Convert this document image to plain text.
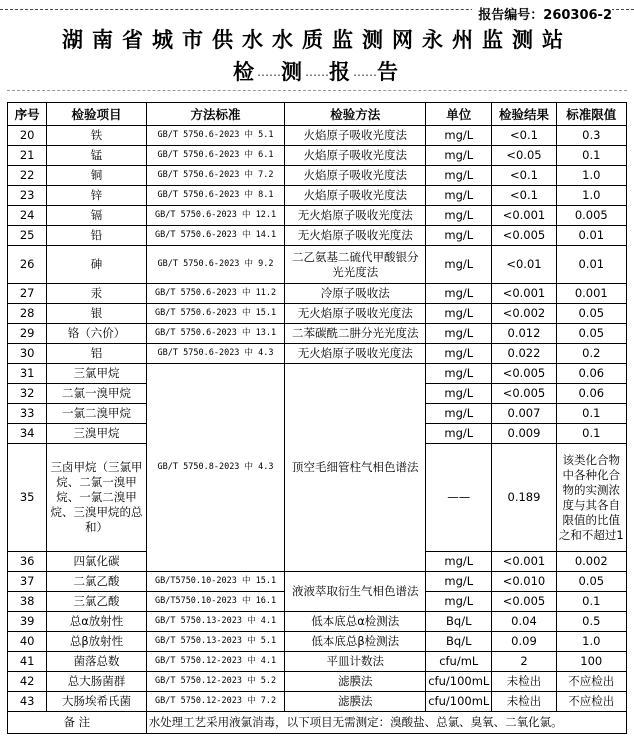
报告编号：260306-2
湖南省城市供水水质监测网永州监测站
检⋯⋯测⋯⋯报⋯⋯告
序号	检验项目	方法标准	检验方法	单位	检验结果	标准限值
20	铁	GB/T 5750.6-2023 中 5.1	火焰原子吸收光度法	mg/L	<0.1	0.3
21	锰	GB/T 5750.6-2023 中 6.1	火焰原子吸收光度法	mg/L	<0.05	0.1
22	铜	GB/T 5750.6-2023 中 7.2	火焰原子吸收光度法	mg/L	<0.1	1.0
23	锌	GB/T 5750.6-2023 中 8.1	火焰原子吸收光度法	mg/L	<0.1	1.0
24	镉	GB/T 5750.6-2023 中 12.1	无火焰原子吸收光度法	mg/L	<0.001	0.005
25	铅	GB/T 5750.6-2023 中 14.1	无火焰原子吸收光度法	mg/L	<0.005	0.01
26	砷	GB/T 5750.6-2023 中 9.2	二乙氨基二硫代甲酸银分光光度法	mg/L	<0.01	0.01
27	汞	GB/T 5750.6-2023 中 11.2	冷原子吸收法	mg/L	<0.001	0.001
28	银	GB/T 5750.6-2023 中 15.1	无火焰原子吸收光度法	mg/L	<0.002	0.05
29	铬（六价）	GB/T 5750.6-2023 中 13.1	二苯碳酰二肼分光光度法	mg/L	0.012	0.05
30	铝	GB/T 5750.6-2023 中 4.3	无火焰原子吸收光度法	mg/L	0.022	0.2
31	三氯甲烷	GB/T 5750.8-2023 中 4.3	顶空毛细管柱气相色谱法	mg/L	<0.005	0.06
32	二氯一溴甲烷			mg/L	<0.005	0.06
33	一氯二溴甲烷			mg/L	0.007	0.1
34	三溴甲烷			mg/L	0.009	0.1
35	三卤甲烷（三氯甲烷、二氯一溴甲烷、一氯二溴甲烷、三溴甲烷的总和）			——	0.189	该类化合物中各种化合物的实测浓度与其各自限值的比值之和不超过1
36	四氯化碳			mg/L	<0.001	0.002
37	二氯乙酸	GB/T5750.10-2023 中 15.1	液液萃取衍生气相色谱法	mg/L	<0.010	0.05
38	三氯乙酸	GB/T5750.10-2023 中 16.1		mg/L	<0.005	0.1
39	总α放射性	GB/T 5750.13-2023 中 4.1	低本底总α检测法	Bq/L	0.04	0.5
40	总β放射性	GB/T 5750.13-2023 中 5.1	低本底总β检测法	Bq/L	0.09	1.0
41	菌落总数	GB/T 5750.12-2023 中 4.1	平皿计数法	cfu/mL	2	100
42	总大肠菌群	GB/T 5750.12-2023 中 5.2	滤膜法	cfu/100mL	未检出	不应检出
43	大肠埃希氏菌	GB/T 5750.12-2023 中 7.2	滤膜法	cfu/100mL	未检出	不应检出
备 注		水处理工艺采用液氯消毒，以下项目无需测定：溴酸盐、总氯、臭氧、二氧化氯。				
